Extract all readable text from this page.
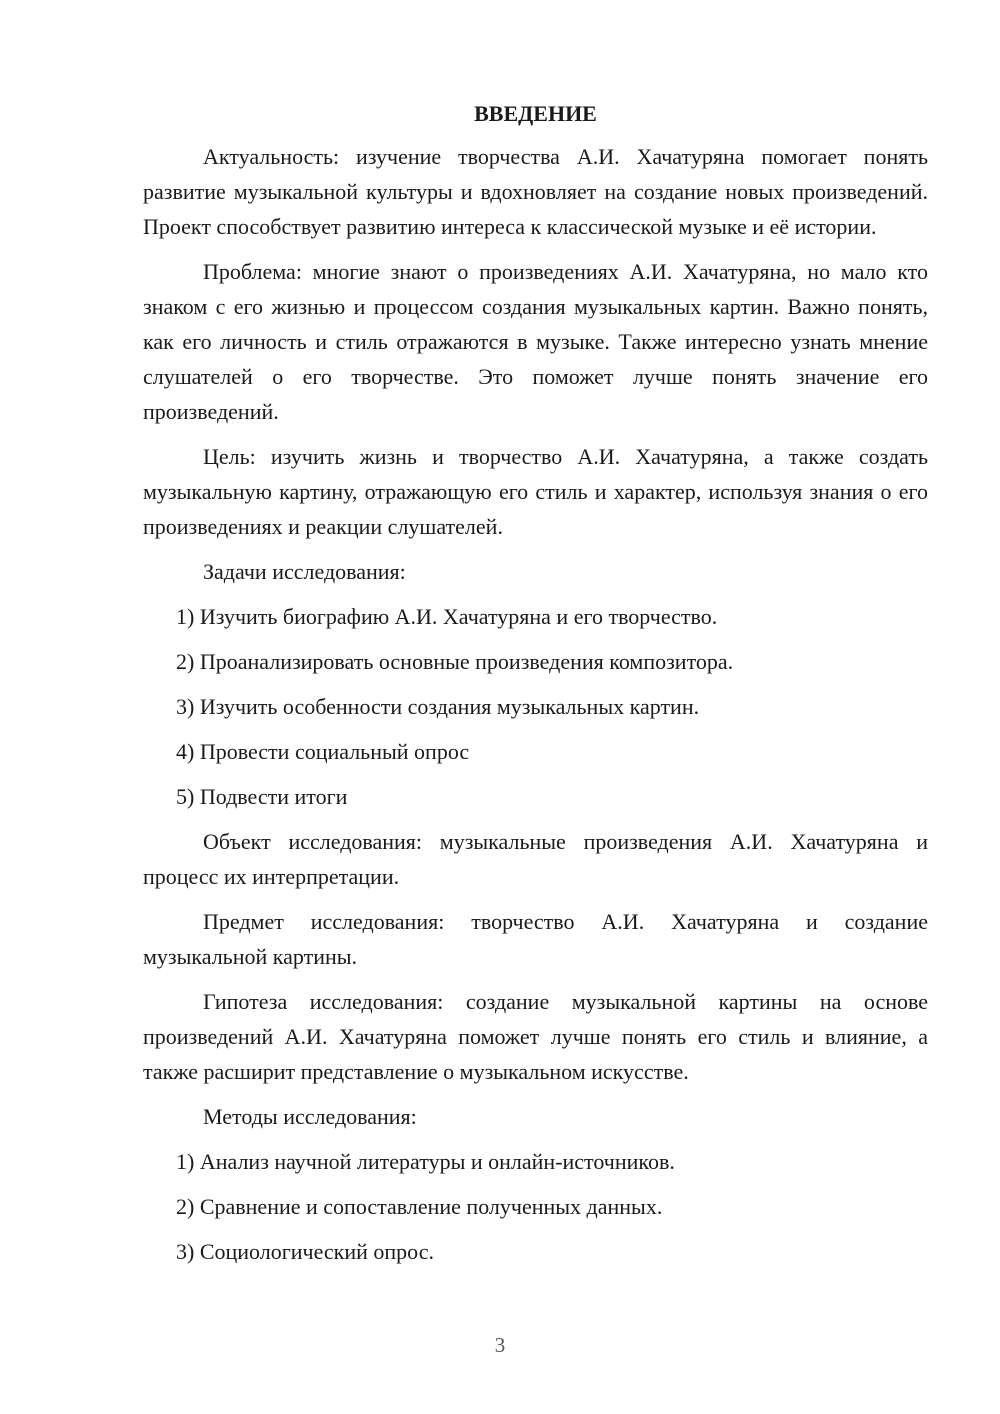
ВВЕДЕНИЕ

Актуальность: изучение творчества А.И. Хачатуряна помогает понять развитие музыкальной культуры и вдохновляет на создание новых произведений. Проект способствует развитию интереса к классической музыке и её истории.

Проблема: многие знают о произведениях А.И. Хачатуряна, но мало кто знаком с его жизнью и процессом создания музыкальных картин. Важно понять, как его личность и стиль отражаются в музыке. Также интересно узнать мнение слушателей о его творчестве. Это поможет лучше понять значение его произведений.

Цель: изучить жизнь и творчество А.И. Хачатуряна, а также создать музыкальную картину, отражающую его стиль и характер, используя знания о его произведениях и реакции слушателей.

Задачи исследования:

1) Изучить биографию А.И. Хачатуряна и его творчество.
2) Проанализировать основные произведения композитора.
3) Изучить особенности создания музыкальных картин.
4) Провести социальный опрос
5) Подвести итоги

Объект исследования: музыкальные произведения А.И. Хачатуряна и процесс их интерпретации.

Предмет исследования: творчество А.И. Хачатуряна и создание музыкальной картины.

Гипотеза исследования: создание музыкальной картины на основе произведений А.И. Хачатуряна поможет лучше понять его стиль и влияние, а также расширит представление о музыкальном искусстве.

Методы исследования:

1) Анализ научной литературы и онлайн-источников.
2) Сравнение и сопоставление полученных данных.
3) Социологический опрос.
3
